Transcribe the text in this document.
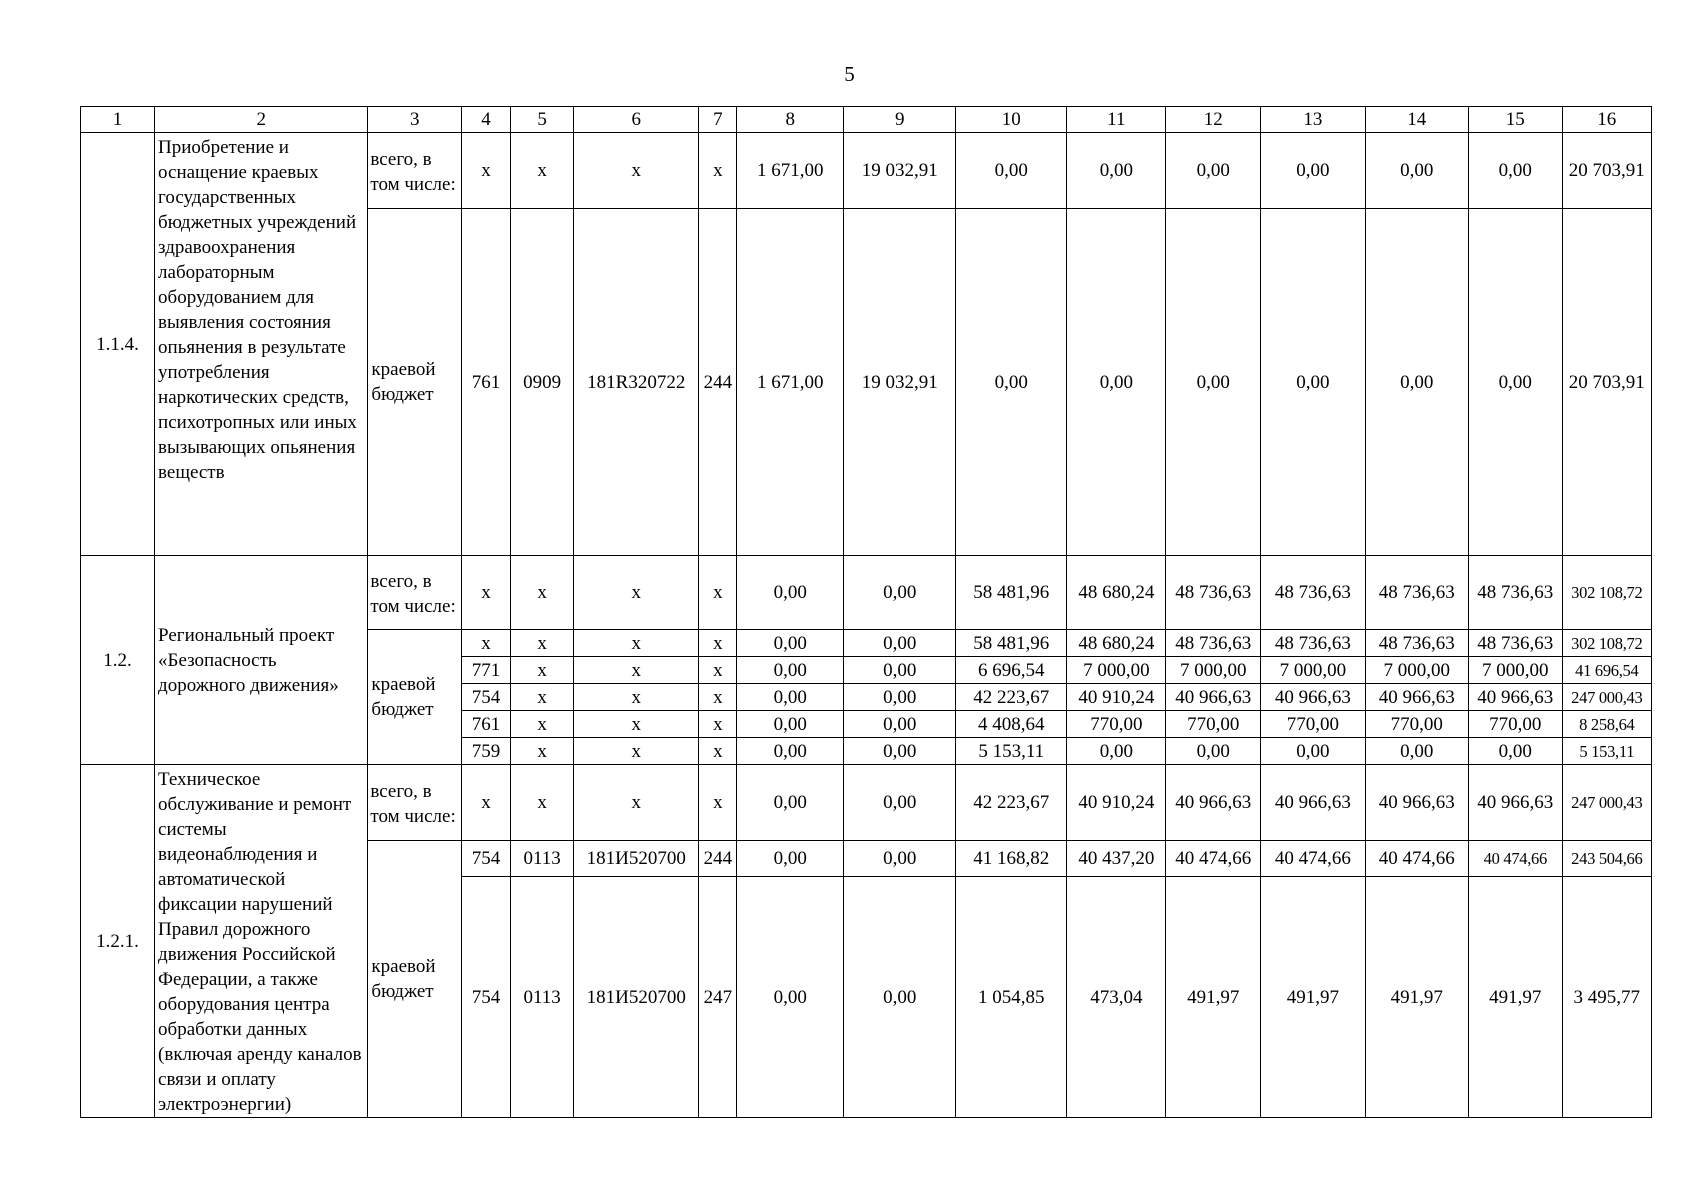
5
1	2	3	4	5	6	7	8	9	10	11	12	13	14	15	16
1.1.4.	Приобретение и оснащение краевых государственных бюджетных учреждений здравоохранения лабораторным оборудованием для выявления состояния опьянения в результате употребления наркотических средств, психотропных или иных вызывающих опьянения веществ	всего, в том числе:	х	х	х	х	1 671,00	19 032,91	0,00	0,00	0,00	0,00	0,00	0,00	20 703,91
		краевой бюджет	761	0909	181R320722	244	1 671,00	19 032,91	0,00	0,00	0,00	0,00	0,00	0,00	20 703,91
1.2.	Региональный проект «Безопасность дорожного движения»	всего, в том числе:	х	х	х	х	0,00	0,00	58 481,96	48 680,24	48 736,63	48 736,63	48 736,63	48 736,63	302 108,72
		краевой бюджет	х	х	х	х	0,00	0,00	58 481,96	48 680,24	48 736,63	48 736,63	48 736,63	48 736,63	302 108,72
			771	х	х	х	0,00	0,00	6 696,54	7 000,00	7 000,00	7 000,00	7 000,00	7 000,00	41 696,54
			754	х	х	х	0,00	0,00	42 223,67	40 910,24	40 966,63	40 966,63	40 966,63	40 966,63	247 000,43
			761	х	х	х	0,00	0,00	4 408,64	770,00	770,00	770,00	770,00	770,00	8 258,64
			759	х	х	х	0,00	0,00	5 153,11	0,00	0,00	0,00	0,00	0,00	5 153,11
1.2.1.	Техническое обслуживание и ремонт системы видеонаблюдения и автоматической фиксации нарушений Правил дорожного движения Российской Федерации, а также оборудования центра обработки данных (включая аренду каналов связи и оплату электроэнергии)	всего, в том числе:	х	х	х	х	0,00	0,00	42 223,67	40 910,24	40 966,63	40 966,63	40 966,63	40 966,63	247 000,43
		краевой бюджет	754	0113	181И520700	244	0,00	0,00	41 168,82	40 437,20	40 474,66	40 474,66	40 474,66	40 474,66	243 504,66
			754	0113	181И520700	247	0,00	0,00	1 054,85	473,04	491,97	491,97	491,97	491,97	3 495,77
